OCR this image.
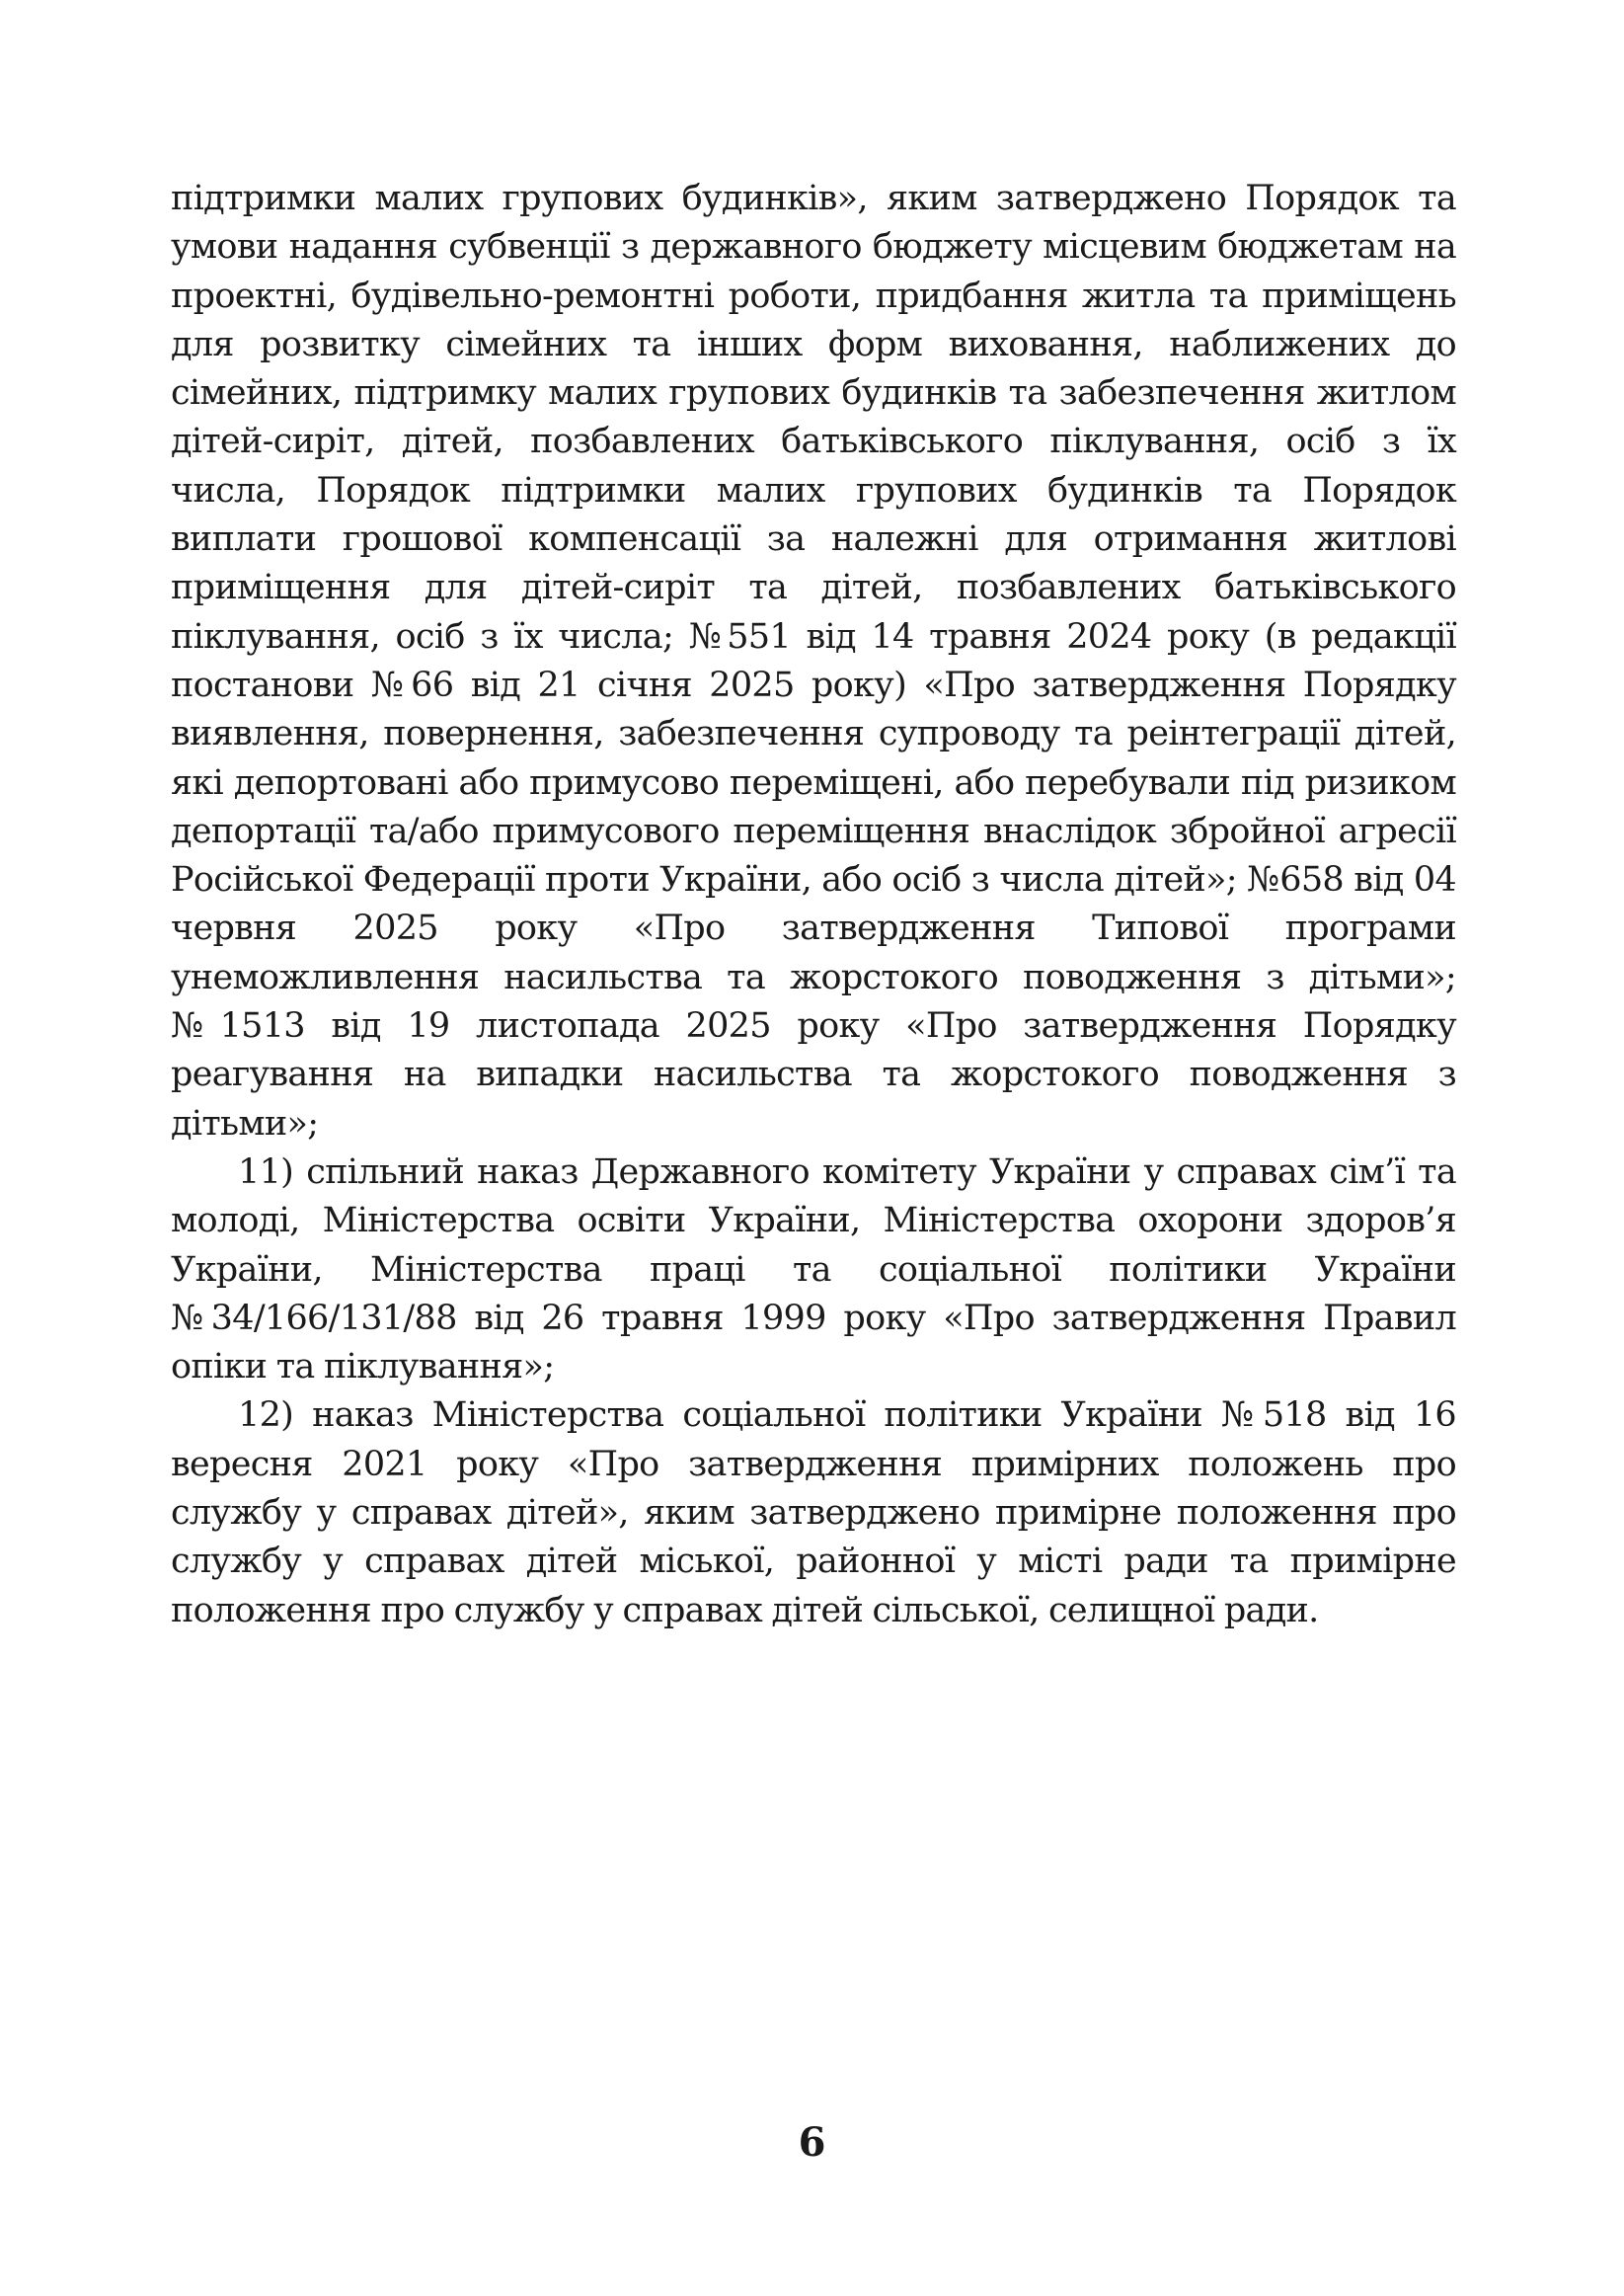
підтримки малих групових будинків», яким затверджено Порядок та умови надання субвенції з державного бюджету місцевим бюджетам на проектні, будівельно-ремонтні роботи, придбання житла та приміщень для розвитку сімейних та інших форм виховання, наближених до сімейних, підтримку малих групових будинків та забезпечення житлом дітей-сиріт, дітей, позбавлених батьківського піклування, осіб з їх числа, Порядок підтримки малих групових будинків та Порядок виплати грошової компенсації за належні для отримання житлові приміщення для дітей-сиріт та дітей, позбавлених батьківського піклування, осіб з їх числа; №551 від 14 травня 2024 року (в редакції постанови №66 від 21 січня 2025 року) «Про затвердження Порядку виявлення, повернення, забезпечення супроводу та реінтеграції дітей, які депортовані або примусово переміщені, або перебували під ризиком депортації та/або примусового переміщення внаслідок збройної агресії Російської Федерації проти України, або осіб з числа дітей»; №658 від 04 червня 2025 року «Про затвердження Типової програми унеможливлення насильства та жорстокого поводження з дітьми»; №1513 від 19 листопада 2025 року «Про затвердження Порядку реагування на випадки насильства та жорстокого поводження з дітьми»;

11) спільний наказ Державного комітету України у справах сім’ї та молоді, Міністерства освіти України, Міністерства охорони здоров’я України, Міністерства праці та соціальної політики України №34/166/131/88 від 26 травня 1999 року «Про затвердження Правил опіки та піклування»;

12) наказ Міністерства соціальної політики України №518 від 16 вересня 2021 року «Про затвердження примірних положень про службу у справах дітей», яким затверджено примірне положення про службу у справах дітей міської, районної у місті ради та примірне положення про службу у справах дітей сільської, селищної ради.

6
